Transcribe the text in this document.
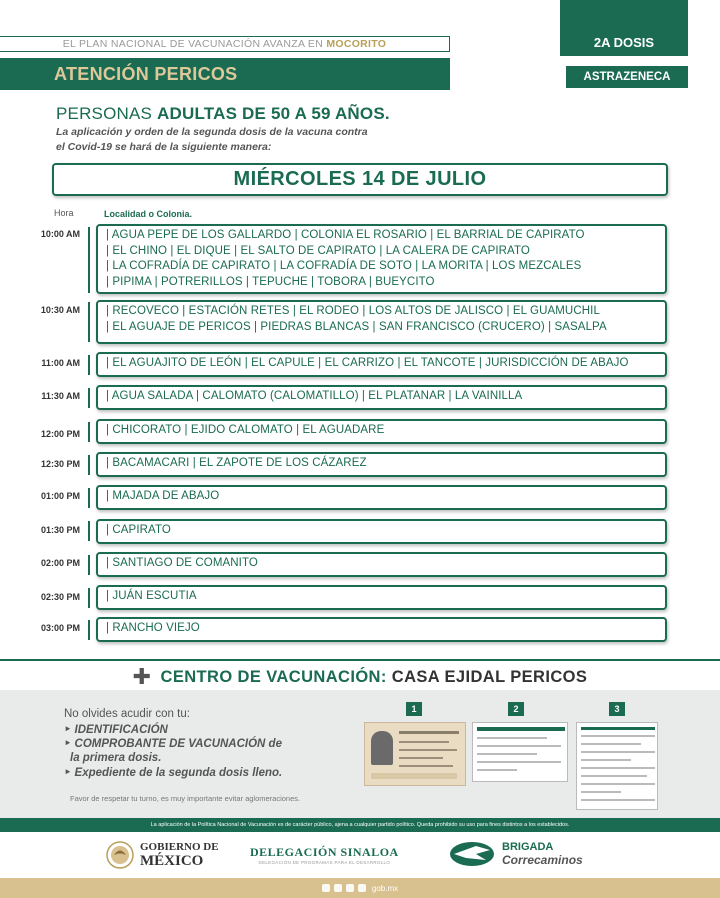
EL PLAN NACIONAL DE VACUNACIÓN AVANZA EN MOCORITO
ATENCIÓN PERICOS
2A DOSIS
ASTRAZENECA
PERSONAS ADULTAS DE 50 A 59 AÑOS.
La aplicación y orden de la segunda dosis de la vacuna contra
el Covid-19 se hará de la siguiente manera:
MIÉRCOLES 14 DE JULIO
Hora	Localidad o Colonia.
10:00 AM | AGUA PEPE DE LOS GALLARDO | COLONIA EL ROSARIO | EL BARRIAL DE CAPIRATO
| EL CHINO | EL DIQUE | EL SALTO DE CAPIRATO | LA CALERA DE CAPIRATO
| LA COFRADÍA DE CAPIRATO | LA COFRADÍA DE SOTO | LA MORITA | LOS MEZCALES
| PIPIMA | POTRERILLOS | TEPUCHE | TOBORA | BUEYCITO
10:30 AM | RECOVECO | ESTACIÓN RETES | EL RODEO | LOS ALTOS DE JALISCO | EL GUAMUCHIL
| EL AGUAJE DE PERICOS | PIEDRAS BLANCAS | SAN FRANCISCO (CRUCERO) | SASALPA
11:00 AM | EL AGUAJITO DE LEÓN | EL CAPULE | EL CARRIZO | EL TANCOTE | JURISDICCIÓN DE ABAJO
11:30 AM | AGUA SALADA | CALOMATO (CALOMATILLO) | EL PLATANAR | LA VAINILLA
12:00 PM | CHICORATO | EJIDO CALOMATO | EL AGUADARE
12:30 PM | BACAMACARI | EL ZAPOTE DE LOS CÁZAREZ
01:00 PM | MAJADA DE ABAJO
01:30 PM | CAPIRATO
02:00 PM | SANTIAGO DE COMANITO
02:30 PM | JUÁN ESCUTIA
03:00 PM | RANCHO VIEJO
✚ CENTRO DE VACUNACIÓN: CASA EJIDAL PERICOS
No olvides acudir con tu:
‣ IDENTIFICACIÓN
‣ COMPROBANTE DE VACUNACIÓN de
la primera dosis.
‣ Expediente de la segunda dosis lleno.
Favor de respetar tu turno, es muy importante evitar aglomeraciones.
1	2	3
La aplicación de la Política Nacional de Vacunación es de carácter público, ajena a cualquier partido político. Queda prohibido su uso para fines distintos a los establecidos.
GOBIERNO DE
MÉXICO
DELEGACIÓN SINALOA
DELEGACIÓN DE PROGRAMAS PARA EL DESARROLLO
BRIGADA
Correcaminos
gob.mx
